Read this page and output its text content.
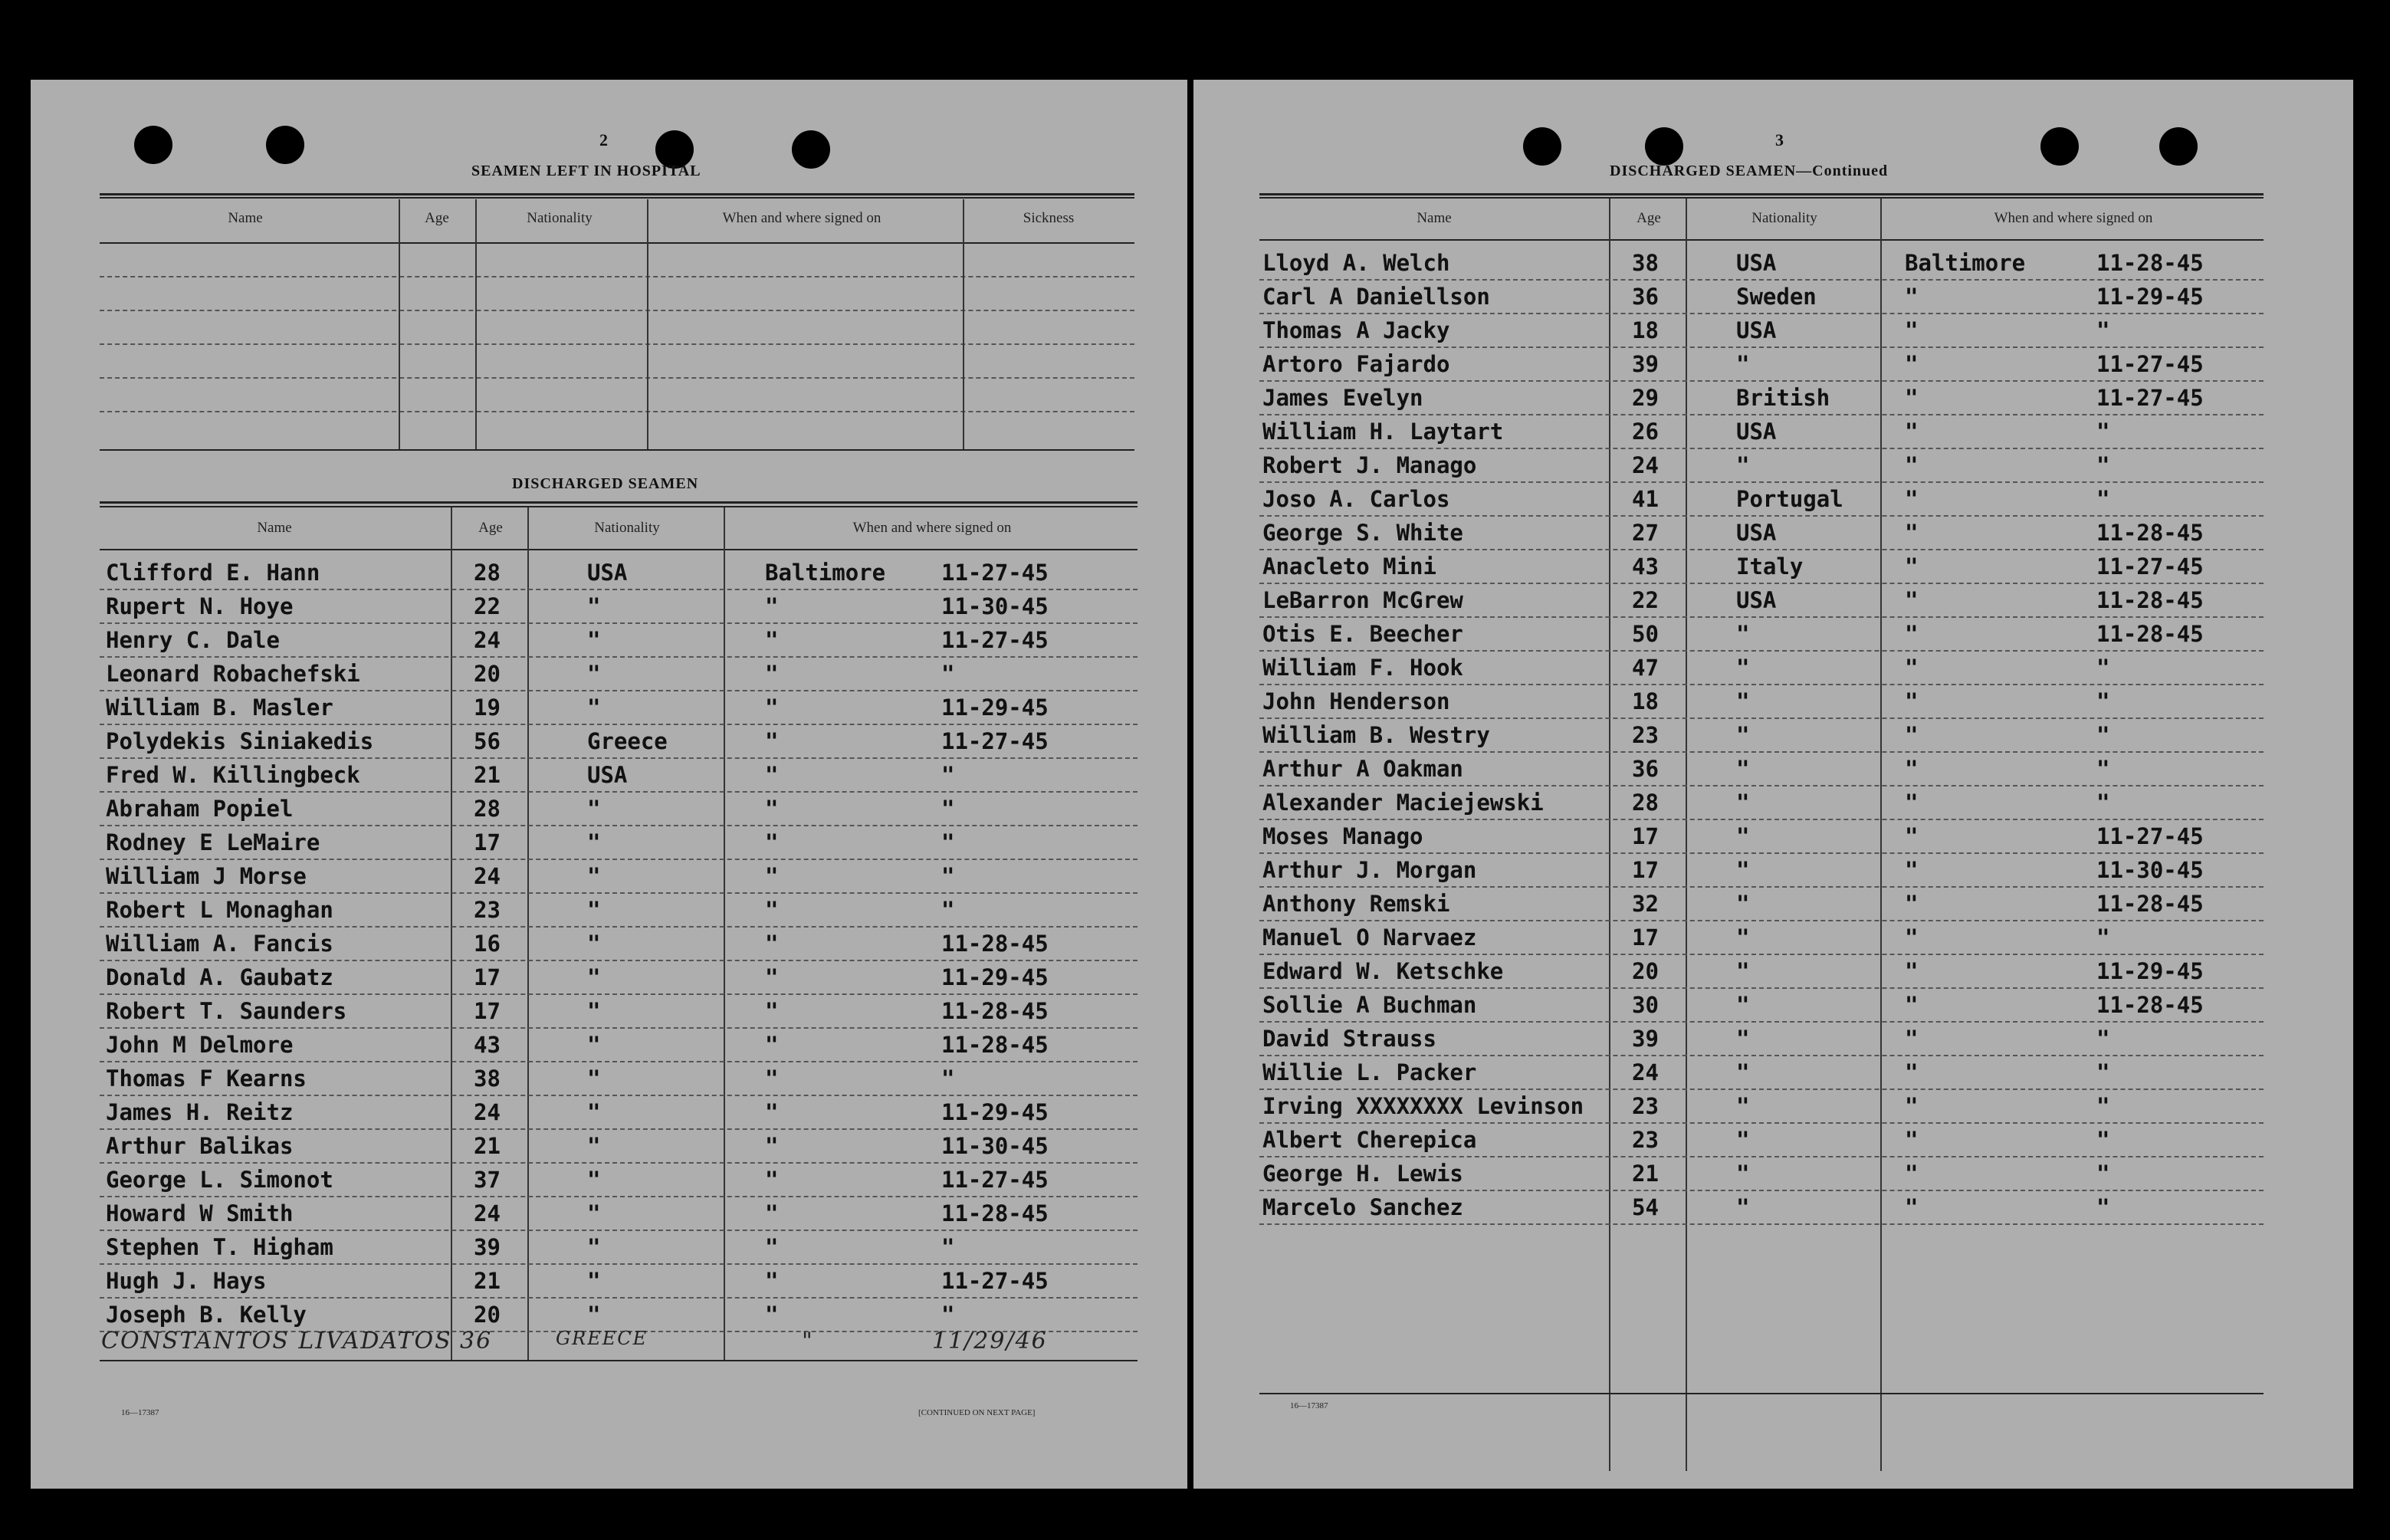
2
SEAMEN LEFT IN HOSPITAL
Name	Age	Nationality	When and where signed on	Sickness
DISCHARGED SEAMEN
Name	Age	Nationality	When and where signed on
Clifford E. Hann	28	USA	Baltimore	11-27-45
Rupert N. Hoye	22	"	"	11-30-45
Henry C. Dale	24	"	"	11-27-45
Leonard Robachefski	20	"	"	"
William B. Masler	19	"	"	11-29-45
Polydekis Siniakedis	56	Greece	"	11-27-45
Fred W. Killingbeck	21	USA	"	"
Abraham Popiel	28	"	"	"
Rodney E LeMaire	17	"	"	"
William J Morse	24	"	"	"
Robert L Monaghan	23	"	"	"
William A. Fancis	16	"	"	11-28-45
Donald A. Gaubatz	17	"	"	11-29-45
Robert T. Saunders	17	"	"	11-28-45
John M Delmore	43	"	"	11-28-45
Thomas F Kearns	38	"	"	"
James H. Reitz	24	"	"	11-29-45
Arthur Balikas	21	"	"	11-30-45
George L. Simonot	37	"	"	11-27-45
Howard W Smith	24	"	"	11-28-45
Stephen T. Higham	39	"	"	"
Hugh J. Hays	21	"	"	11-27-45
Joseph B. Kelly	20	"	"	"
CONSTANTOS LIVADATOS 36	GREECE	"	11/29/46
16—17387	[CONTINUED ON NEXT PAGE]
3
DISCHARGED SEAMEN—Continued
Name	Age	Nationality	When and where signed on
Lloyd A. Welch	38	USA	Baltimore	11-28-45
Carl A Daniellson	36	Sweden	"	11-29-45
Thomas A Jacky	18	USA	"	"
Artoro Fajardo	39	"	"	11-27-45
James Evelyn	29	British	"	11-27-45
William H. Laytart	26	USA	"	"
Robert J. Manago	24	"	"	"
Joso A. Carlos	41	Portugal	"	"
George S. White	27	USA	"	11-28-45
Anacleto Mini	43	Italy	"	11-27-45
LeBarron McGrew	22	USA	"	11-28-45
Otis E. Beecher	50	"	"	11-28-45
William F. Hook	47	"	"	"
John Henderson	18	"	"	"
William B. Westry	23	"	"	"
Arthur A Oakman	36	"	"	"
Alexander Maciejewski	28	"	"	"
Moses Manago	17	"	"	11-27-45
Arthur J. Morgan	17	"	"	11-30-45
Anthony Remski	32	"	"	11-28-45
Manuel O Narvaez	17	"	"	"
Edward W. Ketschke	20	"	"	11-29-45
Sollie A Buchman	30	"	"	11-28-45
David Strauss	39	"	"	"
Willie L. Packer	24	"	"	"
Irving XXXXXXXX Levinson 23	"	"	"
Albert Cherepica	23	"	"	"
George H. Lewis	21	"	"	"
Marcelo Sanchez	54	"	"	"
16—17387
